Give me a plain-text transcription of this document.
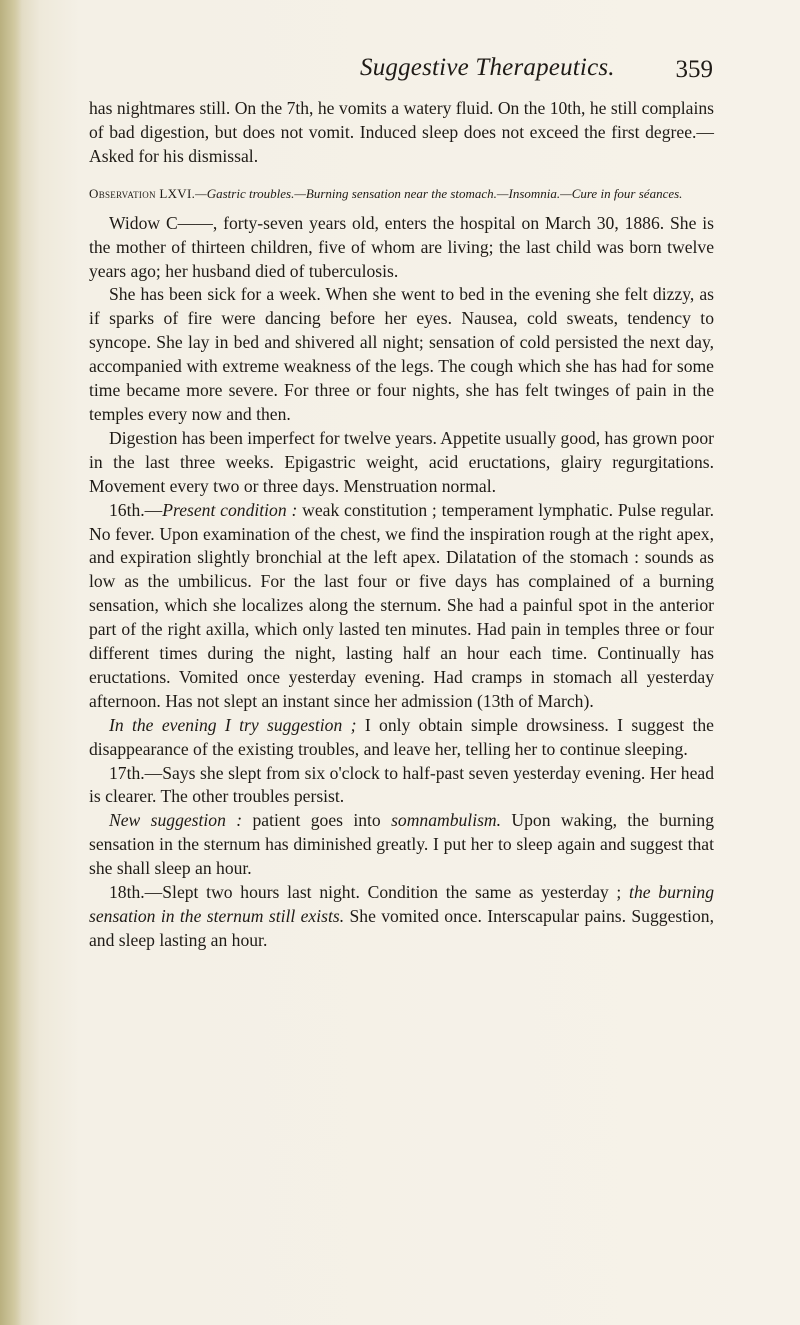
Suggestive Therapeutics.	359

has nightmares still. On the 7th, he vomits a watery fluid. On the 10th, he still complains of bad digestion, but does not vomit. Induced sleep does not exceed the first degree.—Asked for his dismissal.

Observation LXVI.—Gastric troubles.—Burning sensation near the stomach.—Insomnia.—Cure in four séances.

Widow C——, forty-seven years old, enters the hospital on March 30, 1886. She is the mother of thirteen children, five of whom are living; the last child was born twelve years ago; her husband died of tuberculosis.

She has been sick for a week. When she went to bed in the evening she felt dizzy, as if sparks of fire were dancing before her eyes. Nausea, cold sweats, tendency to syncope. She lay in bed and shivered all night; sensation of cold persisted the next day, accompanied with extreme weakness of the legs. The cough which she has had for some time became more severe. For three or four nights, she has felt twinges of pain in the temples every now and then.

Digestion has been imperfect for twelve years. Appetite usually good, has grown poor in the last three weeks. Epigastric weight, acid eructations, glairy regurgitations. Movement every two or three days. Menstruation normal.

16th.—Present condition : weak constitution ; temperament lymphatic. Pulse regular. No fever. Upon examination of the chest, we find the inspiration rough at the right apex, and expiration slightly bronchial at the left apex. Dilatation of the stomach : sounds as low as the umbilicus. For the last four or five days has complained of a burning sensation, which she localizes along the sternum. She had a painful spot in the anterior part of the right axilla, which only lasted ten minutes. Had pain in temples three or four different times during the night, lasting half an hour each time. Continually has eructations. Vomited once yesterday evening. Had cramps in stomach all yesterday afternoon. Has not slept an instant since her admission (13th of March).

In the evening I try suggestion ; I only obtain simple drowsiness. I suggest the disappearance of the existing troubles, and leave her, telling her to continue sleeping.

17th.—Says she slept from six o'clock to half-past seven yesterday evening. Her head is clearer. The other troubles persist.

New suggestion : patient goes into somnambulism. Upon waking, the burning sensation in the sternum has diminished greatly. I put her to sleep again and suggest that she shall sleep an hour.

18th.—Slept two hours last night. Condition the same as yesterday ; the burning sensation in the sternum still exists. She vomited once. Interscapular pains. Suggestion, and sleep lasting an hour.
